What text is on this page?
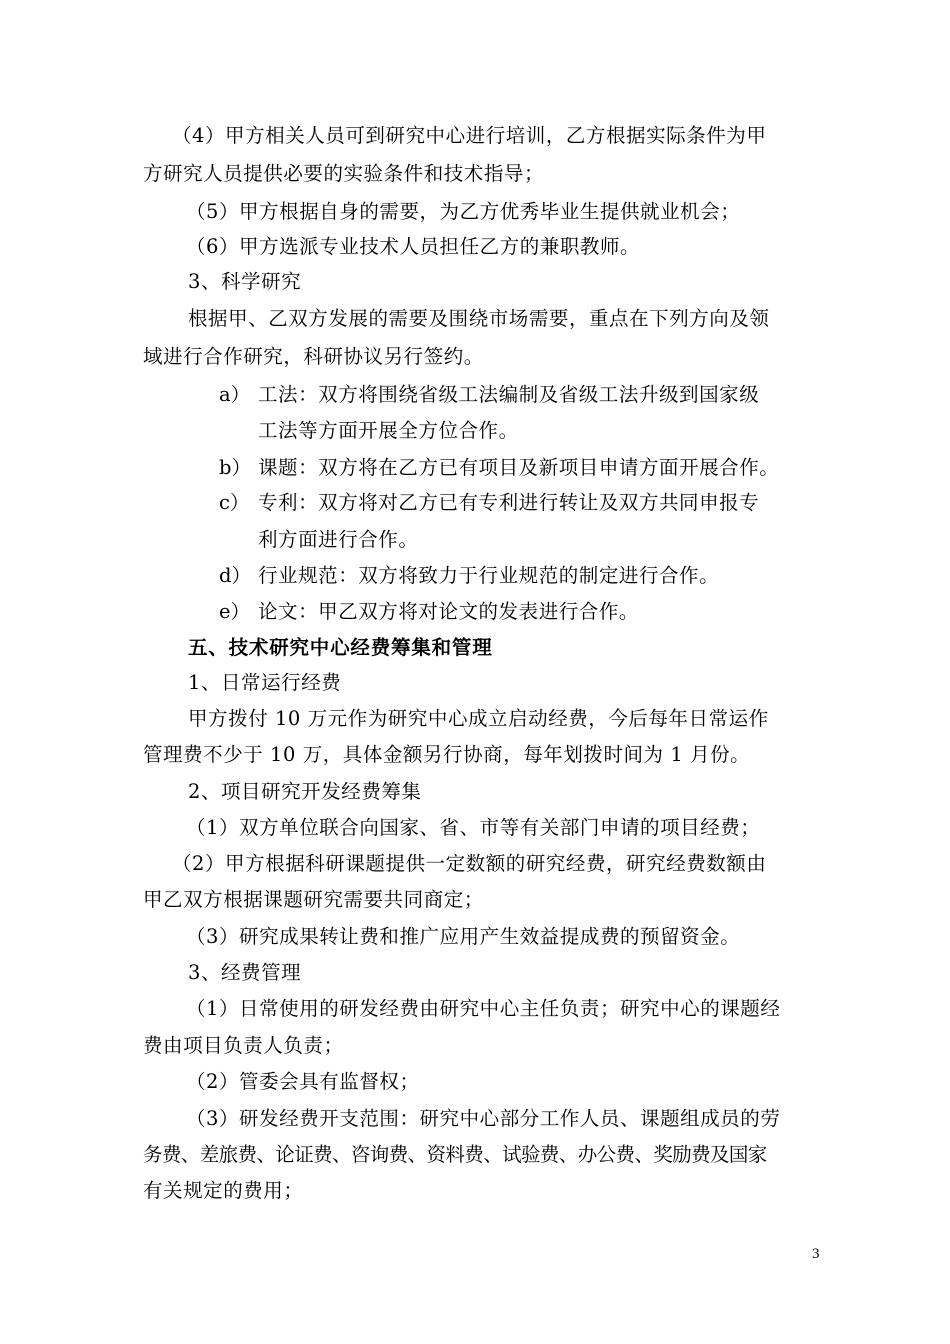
（4）甲方相关人员可到研究中心进行培训，乙方根据实际条件为甲
方研究人员提供必要的实验条件和技术指导；
（5）甲方根据自身的需要，为乙方优秀毕业生提供就业机会；
（6）甲方选派专业技术人员担任乙方的兼职教师。
3、科学研究
根据甲、乙双方发展的需要及围绕市场需要，重点在下列方向及领
域进行合作研究，科研协议另行签约。
a） 工法：双方将围绕省级工法编制及省级工法升级到国家级
工法等方面开展全方位合作。
b） 课题：双方将在乙方已有项目及新项目申请方面开展合作。
c） 专利：双方将对乙方已有专利进行转让及双方共同申报专
利方面进行合作。
d） 行业规范：双方将致力于行业规范的制定进行合作。
e） 论文：甲乙双方将对论文的发表进行合作。
五、技术研究中心经费筹集和管理
1、日常运行经费
甲方拨付 10 万元作为研究中心成立启动经费，今后每年日常运作
管理费不少于 10 万，具体金额另行协商，每年划拨时间为 1 月份。
2、项目研究开发经费筹集
（1）双方单位联合向国家、省、市等有关部门申请的项目经费；
（2）甲方根据科研课题提供一定数额的研究经费，研究经费数额由
甲乙双方根据课题研究需要共同商定；
（3）研究成果转让费和推广应用产生效益提成费的预留资金。
3、经费管理
（1）日常使用的研发经费由研究中心主任负责；研究中心的课题经
费由项目负责人负责；
（2）管委会具有监督权；
（3）研发经费开支范围：研究中心部分工作人员、课题组成员的劳
务费、差旅费、论证费、咨询费、资料费、试验费、办公费、奖励费及国家
有关规定的费用；
3
